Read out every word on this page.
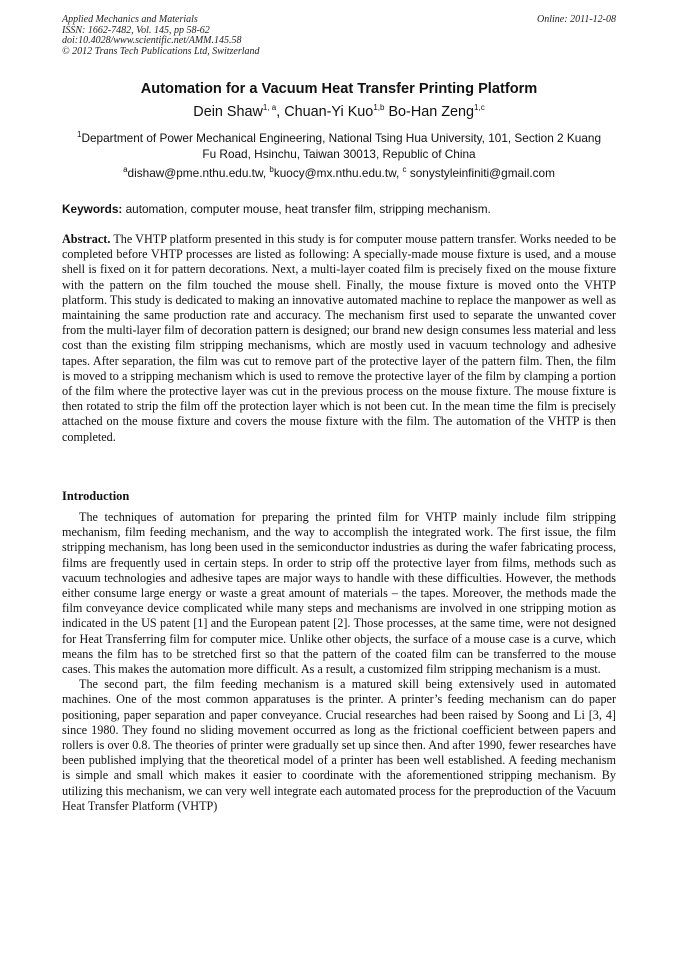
Applied Mechanics and Materials
ISSN: 1662-7482, Vol. 145, pp 58-62
doi:10.4028/www.scientific.net/AMM.145.58
© 2012 Trans Tech Publications Ltd, Switzerland
Online: 2011-12-08
Automation for a Vacuum Heat Transfer Printing Platform
Dein Shaw$^{1, a}$, Chuan-Yi Kuo$^{1,b}$ Bo-Han Zeng$^{1,c}$
$^1$Department of Power Mechanical Engineering, National Tsing Hua University, 101, Section 2 Kuang Fu Road, Hsinchu, Taiwan 30013, Republic of China
$^a$dishaw@pme.nthu.edu.tw, $^b$kuocy@mx.nthu.edu.tw, $^c$ sonystyleinfiniti@gmail.com
Keywords: automation, computer mouse, heat transfer film, stripping mechanism.
Abstract. The VHTP platform presented in this study is for computer mouse pattern transfer. Works needed to be completed before VHTP processes are listed as following: A specially-made mouse fixture is used, and a mouse shell is fixed on it for pattern decorations. Next, a multi-layer coated film is precisely fixed on the mouse fixture with the pattern on the film touched the mouse shell. Finally, the mouse fixture is moved onto the VHTP platform. This study is dedicated to making an innovative automated machine to replace the manpower as well as maintaining the same production rate and accuracy. The mechanism first used to separate the unwanted cover from the multi-layer film of decoration pattern is designed; our brand new design consumes less material and less cost than the existing film stripping mechanisms, which are mostly used in vacuum technology and adhesive tapes. After separation, the film was cut to remove part of the protective layer of the pattern film. Then, the film is moved to a stripping mechanism which is used to remove the protective layer of the film by clamping a portion of the film where the protective layer was cut in the previous process on the mouse fixture. The mouse fixture is then rotated to strip the film off the protection layer which is not been cut. In the mean time the film is precisely attached on the mouse fixture and covers the mouse fixture with the film. The automation of the VHTP is then completed.
Introduction

The techniques of automation for preparing the printed film for VHTP mainly include film stripping mechanism, film feeding mechanism, and the way to accomplish the integrated work. The first issue, the film stripping mechanism, has long been used in the semiconductor industries as during the wafer fabricating process, films are frequently used in certain steps. In order to strip off the protective layer from films, methods such as vacuum technologies and adhesive tapes are major ways to handle with these difficulties. However, the methods either consume large energy or waste a great amount of materials – the tapes. Moreover, the methods made the film conveyance device complicated while many steps and mechanisms are involved in one stripping motion as indicated in the US patent [1] and the European patent [2]. Those processes, at the same time, were not designed for Heat Transferring film for computer mice. Unlike other objects, the surface of a mouse case is a curve, which means the film has to be stretched first so that the pattern of the coated film can be transferred to the mouse cases. This makes the automation more difficult. As a result, a customized film stripping mechanism is a must.

The second part, the film feeding mechanism is a matured skill being extensively used in automated machines. One of the most common apparatuses is the printer. A printer’s feeding mechanism can do paper positioning, paper separation and paper conveyance. Crucial researches had been raised by Soong and Li [3, 4] since 1980. They found no sliding movement occurred as long as the frictional coefficient between papers and rollers is over 0.8. The theories of printer were gradually set up since then. And after 1990, fewer researches have been published implying that the theoretical model of a printer has been well established. A feeding mechanism is simple and small which makes it easier to coordinate with the aforementioned stripping mechanism. By utilizing this mechanism, we can very well integrate each automated process for the preproduction of the Vacuum Heat Transfer Platform (VHTP)
